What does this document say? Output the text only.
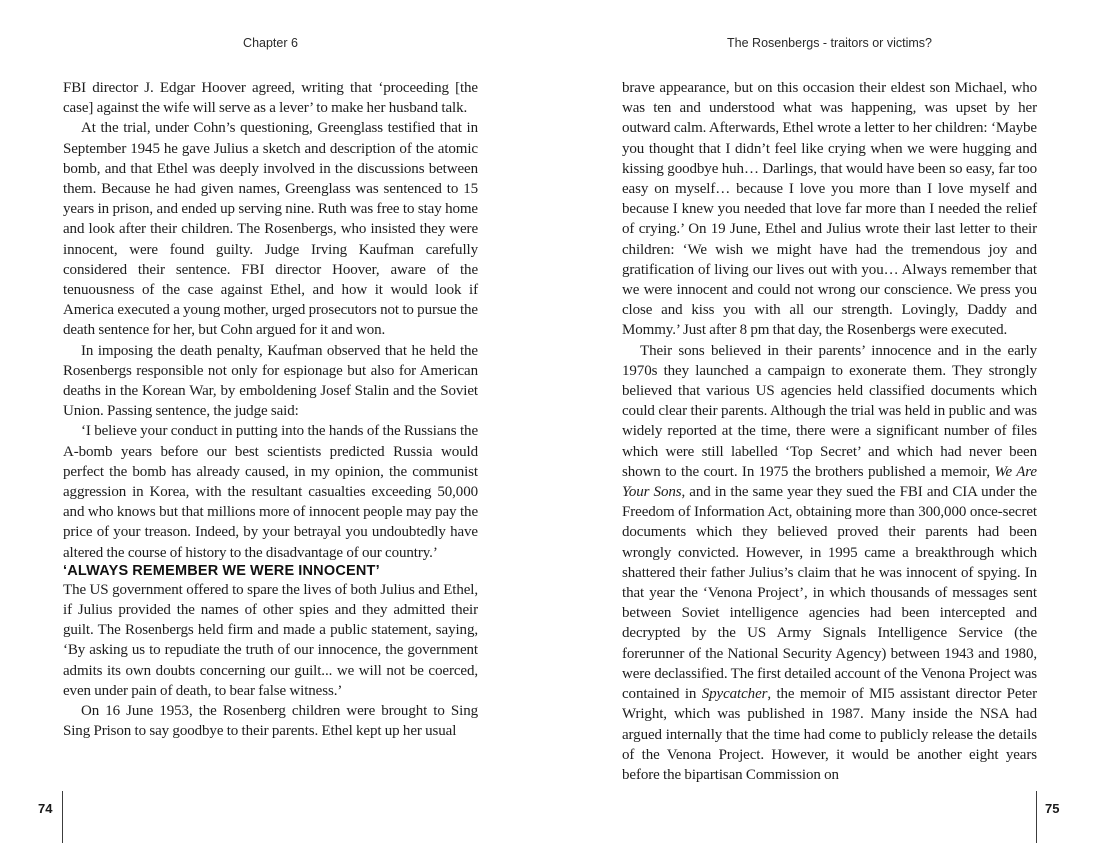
Chapter 6

FBI director J. Edgar Hoover agreed, writing that ‘proceeding [the case] against the wife will serve as a lever’ to make her husband talk.

At the trial, under Cohn’s questioning, Greenglass testified that in September 1945 he gave Julius a sketch and description of the atomic bomb, and that Ethel was deeply involved in the discussions between them. Because he had given names, Greenglass was sentenced to 15 years in prison, and ended up serving nine. Ruth was free to stay home and look after their children. The Rosenbergs, who insisted they were innocent, were found guilty. Judge Irving Kaufman carefully considered their sentence. FBI director Hoover, aware of the tenuousness of the case against Ethel, and how it would look if America executed a young mother, urged prosecutors not to pursue the death sentence for her, but Cohn argued for it and won.

In imposing the death penalty, Kaufman observed that he held the Rosenbergs responsible not only for espionage but also for American deaths in the Korean War, by emboldening Josef Stalin and the Soviet Union. Passing sentence, the judge said:

‘I believe your conduct in putting into the hands of the Russians the A-bomb years before our best scientists predicted Russia would perfect the bomb has already caused, in my opinion, the communist aggression in Korea, with the resultant casualties exceeding 50,000 and who knows but that millions more of innocent people may pay the price of your treason. Indeed, by your betrayal you undoubtedly have altered the course of history to the disadvantage of our country.’

‘ALWAYS REMEMBER WE WERE INNOCENT’

The US government offered to spare the lives of both Julius and Ethel, if Julius provided the names of other spies and they admitted their guilt. The Rosenbergs held firm and made a public statement, saying, ‘By asking us to repudiate the truth of our innocence, the government admits its own doubts concerning our guilt... we will not be coerced, even under pain of death, to bear false witness.’

On 16 June 1953, the Rosenberg children were brought to Sing Sing Prison to say goodbye to their parents. Ethel kept up her usual

The Rosenbergs - traitors or victims?

brave appearance, but on this occasion their eldest son Michael, who was ten and understood what was happening, was upset by her outward calm. Afterwards, Ethel wrote a letter to her children: ‘Maybe you thought that I didn’t feel like crying when we were hugging and kissing goodbye huh… Darlings, that would have been so easy, far too easy on myself… because I love you more than I love myself and because I knew you needed that love far more than I needed the relief of crying.’ On 19 June, Ethel and Julius wrote their last letter to their children: ‘We wish we might have had the tremendous joy and gratification of living our lives out with you… Always remember that we were innocent and could not wrong our conscience. We press you close and kiss you with all our strength. Lovingly, Daddy and Mommy.’ Just after 8 pm that day, the Rosenbergs were executed.

Their sons believed in their parents’ innocence and in the early 1970s they launched a campaign to exonerate them. They strongly believed that various US agencies held classified documents which could clear their parents. Although the trial was held in public and was widely reported at the time, there were a significant number of files which were still labelled ‘Top Secret’ and which had never been shown to the court. In 1975 the brothers published a memoir, We Are Your Sons, and in the same year they sued the FBI and CIA under the Freedom of Information Act, obtaining more than 300,000 once-secret documents which they believed proved their parents had been wrongly convicted. However, in 1995 came a breakthrough which shattered their father Julius’s claim that he was innocent of spying. In that year the ‘Venona Project’, in which thousands of messages sent between Soviet intelligence agencies had been intercepted and decrypted by the US Army Signals Intelligence Service (the forerunner of the National Security Agency) between 1943 and 1980, were declassified. The first detailed account of the Venona Project was contained in Spycatcher, the memoir of MI5 assistant director Peter Wright, which was published in 1987. Many inside the NSA had argued internally that the time had come to publicly release the details of the Venona Project. However, it would be another eight years before the bipartisan Commission on

74	75
